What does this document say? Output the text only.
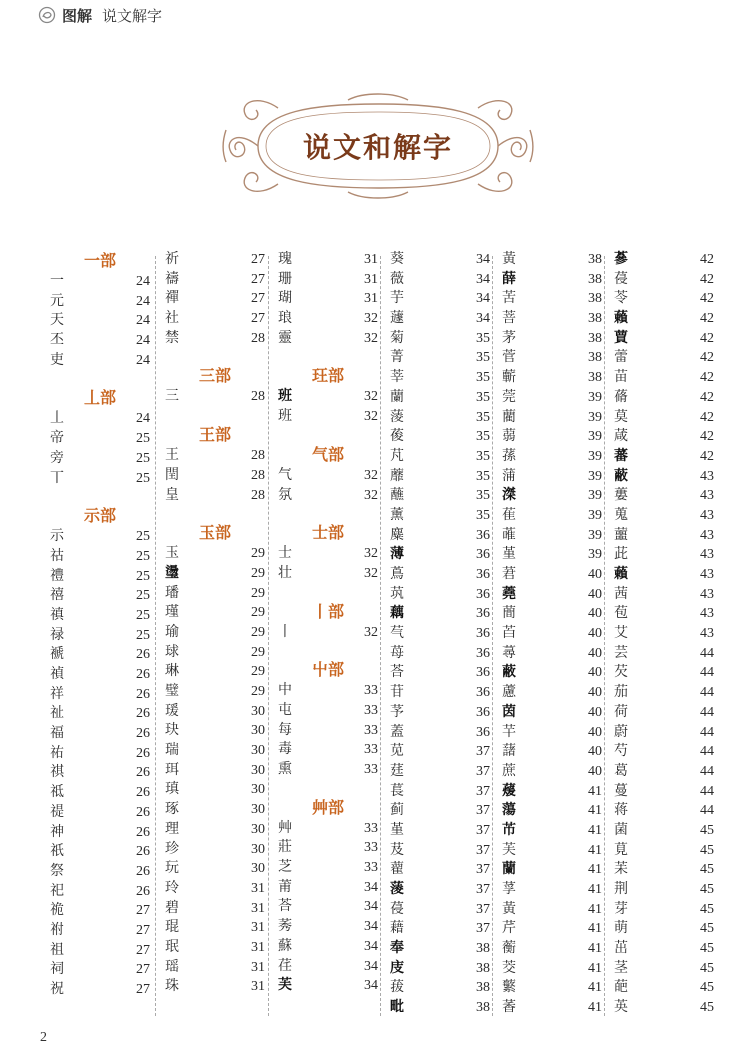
图解 说文解字
说文和解字
一部
一	24
元	24
天	24
丕	24
吏	24
丄部
丄	24
帝	25
旁	25
丅	25
示部
示	25
祜	25
禮	25
禧	25
禛	25
禄	25
褫	26
禎	26
祥	26
祉	26
福	26
祐	26
祺	26
祗	26
禔	26
神	26
祇	26
祭	26
祀	26
祪	27
祔	27
祖	27
祠	27
祝	27
祈	27
禱	27
禪	27
社	27
禁	28
三部
三	28
王部
王	28
閏	28
皇	28
玉部
玉	29
璗	29
璠	29
瑾	29
瑜	29
球	29
琳	29
璧	29
瑗	30
玦	30
瑞	30
珥	30
瑱	30
琢	30
理	30
珍	30
玩	30
玲	31
碧	31
琨	31
珉	31
瑶	31
珠	31
瑰	31
珊	31
瑚	31
琅	32
靈	32
玨部
班	32
班	32
气部
气	32
氛	32
士部
士	32
壮	32
丨部
丨	32
屮部
中	33
屯	33
每	33
毒	33
熏	33
艸部
艸	33
莊	33
芝	33
莆	34
荅	34
莠	34
蘇	34
荏	34
芙	34
葵	34
薇	34
芋	34
蘧	34
菊	35
菁	35
莘	35
蘭	35
蔆	35
葰	35
芃	35
蘼	35
蘸	35
薰	35
麋	36
薄	36
蔦	36
茿	36
藕	36
芞	36
苺	36
荅	36
苷	36
芧	36
蓋	36
苋	37
莛	37
萇	37
蓟	37
堇	37
芨	37
藋	37
蔆	37
葠	37
藉	37
奉	38
庋	38
菝	38
毗	38
黃	38
薛	38
苦	38
菩	38
茅	38
菅	38
蘄	38
莞	39
藺	39
蒻	39
蓀	39
蒲	39
滐	39
萑	39
蓶	39
堇	39
莙	40
蕘	40
蕳	40
苩	40
蕁	40
蔽	40
藘	40
茵	40
芉	40
藷	40
蔗	40
蕿	41
蕩	41
芇	41
芙	41
蘭	41
莩	41
黃	41
芹	41
蘅	41
茭	41
蘩	41
萫	41
蔘	42
葠	42
苓	42
藾	42
蕒	42
蕾	42
苗	42
蓨	42
莫	42
葴	42
蕃	42
蔽	43
蔞	43
蒐	43
蘁	43
茈	43
藾	43
茜	43
苞	43
艾	43
芸	44
芡	44
茄	44
荷	44
蔚	44
芍	44
葛	44
蔓	44
蒋	44
菌	45
莧	45
苿	45
荆	45
芽	45
萌	45
茁	45
茎	45
葩	45
英	45
2
